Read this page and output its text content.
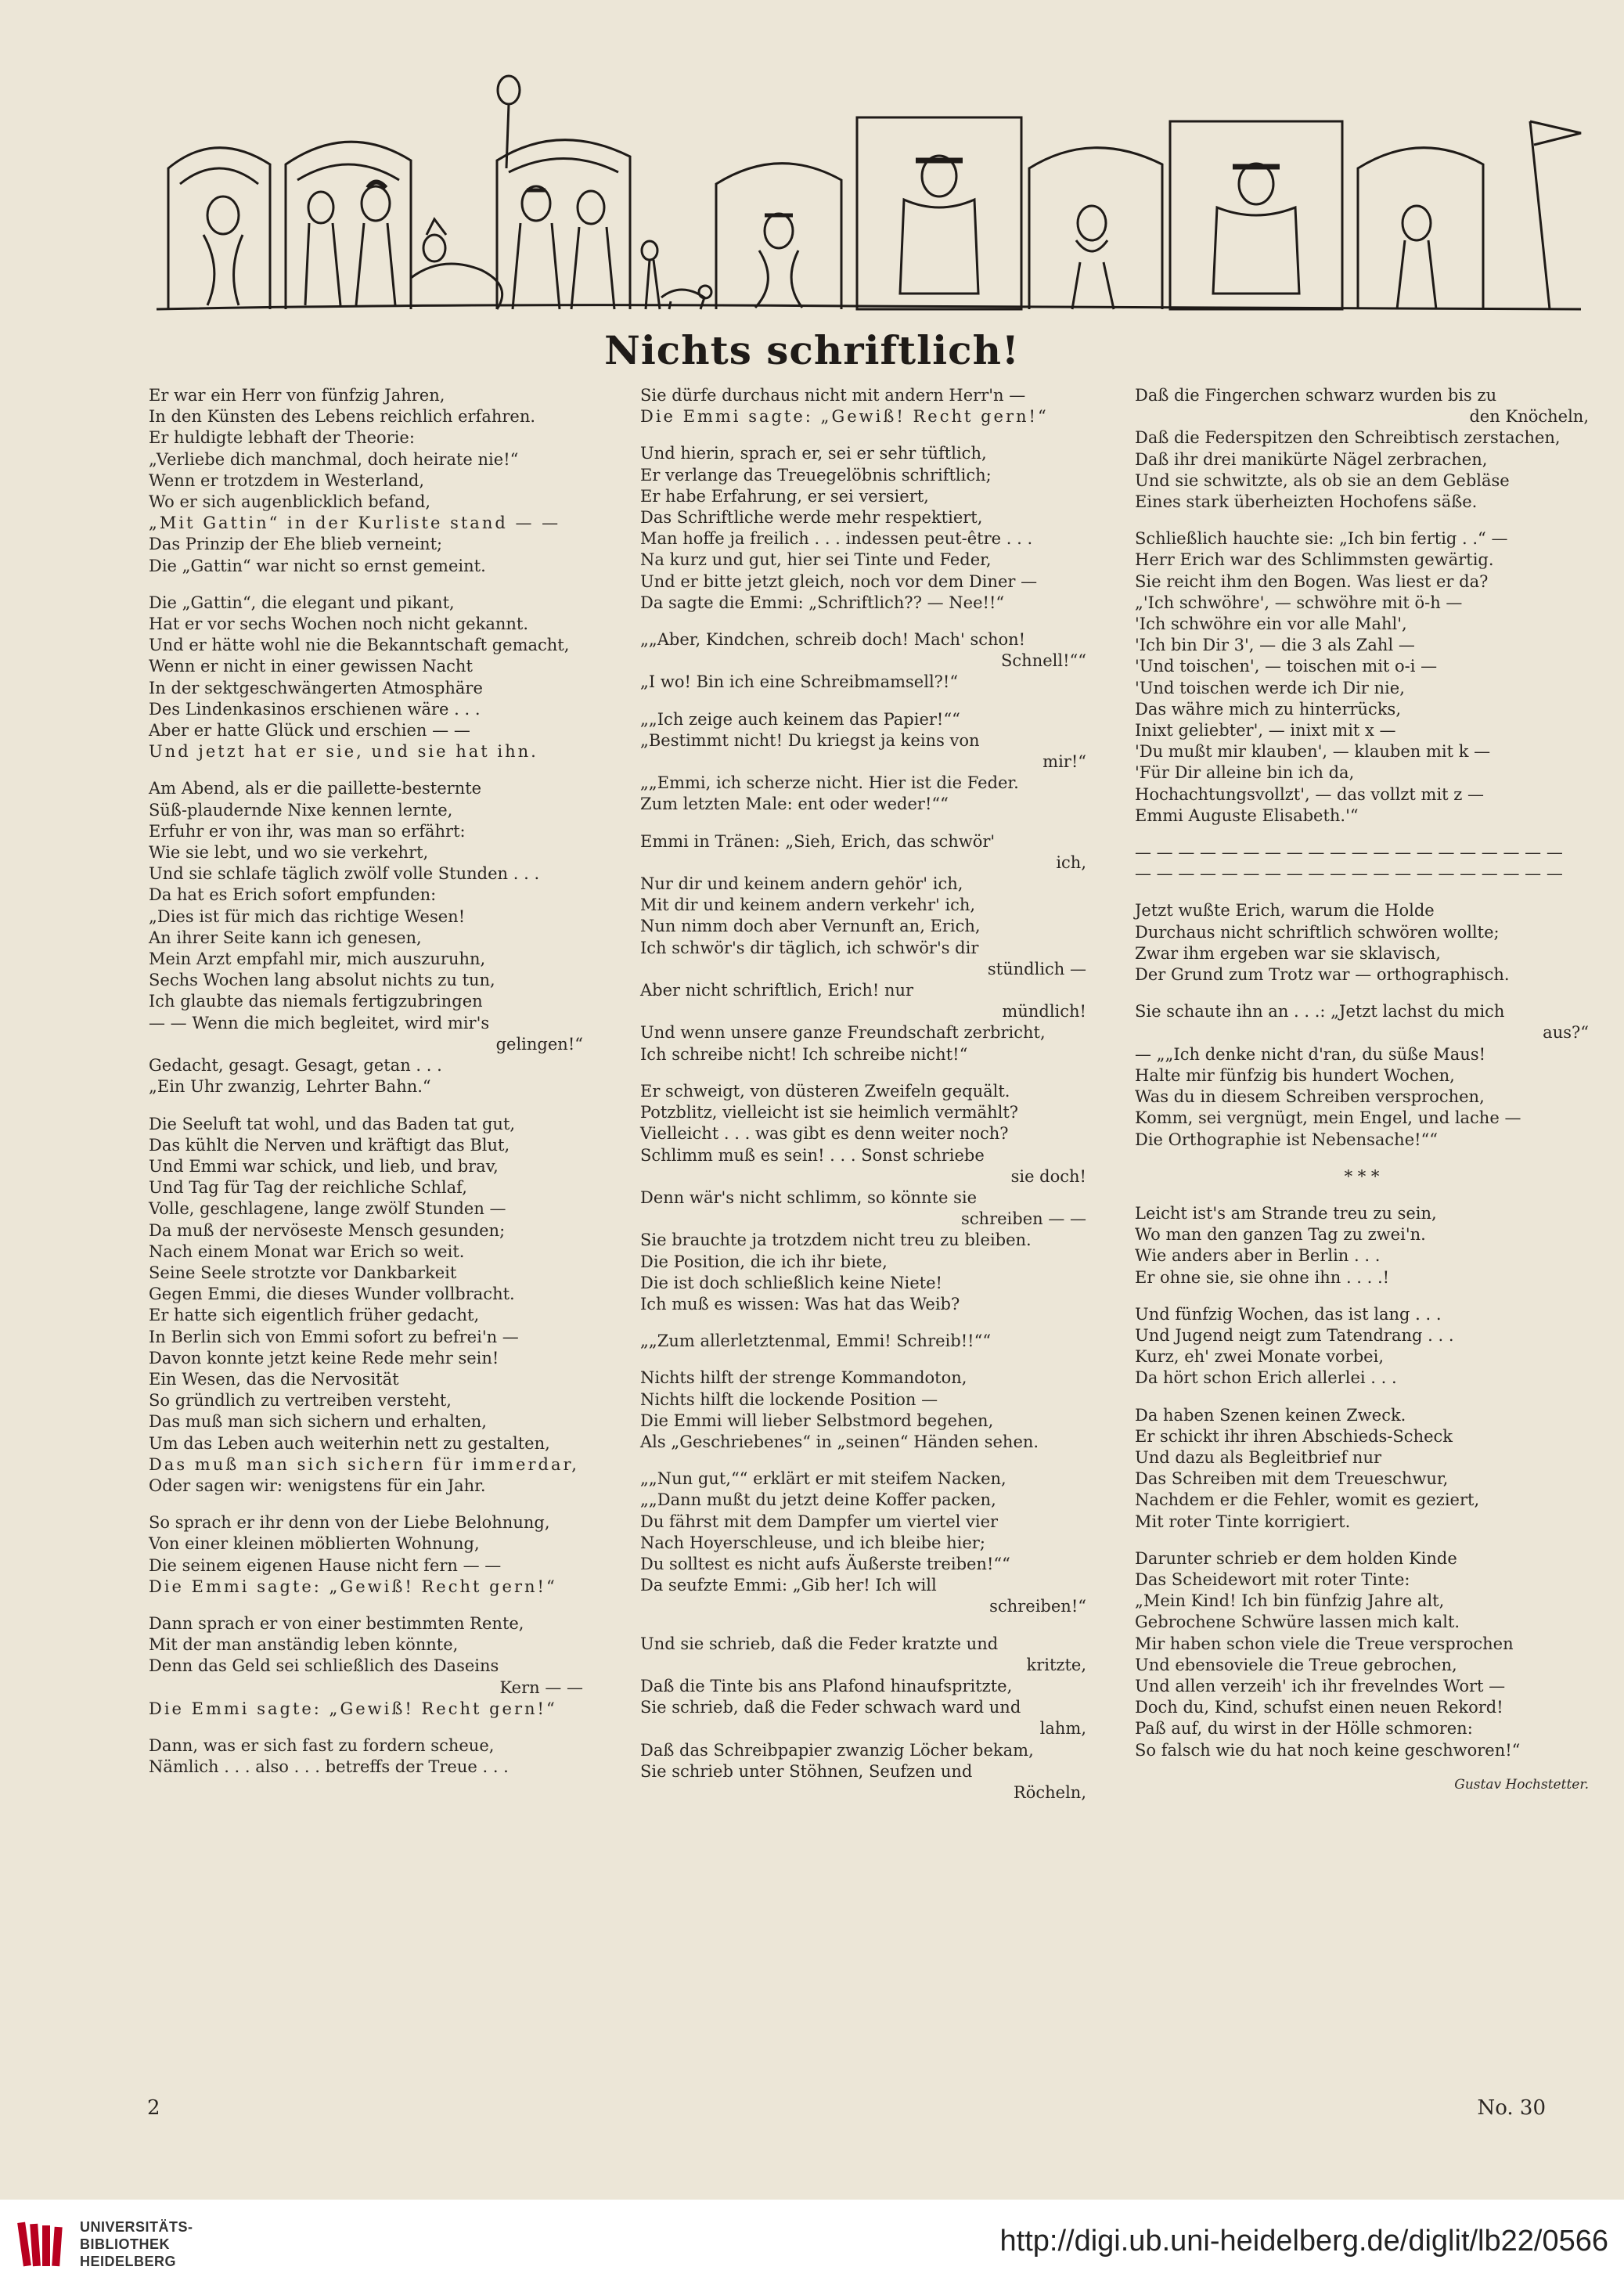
Nichts schriftlich!
Er war ein Herr von fünfzig Jahren,
In den Künsten des Lebens reichlich erfahren.
Er huldigte lebhaft der Theorie:
„Verliebe dich manchmal, doch heirate nie!“
Wenn er trotzdem in Westerland,
Wo er sich augenblicklich befand,
„Mit Gattin“ in der Kurliste stand — —
Das Prinzip der Ehe blieb verneint;
Die „Gattin“ war nicht so ernst gemeint.
Die „Gattin“, die elegant und pikant,
Hat er vor sechs Wochen noch nicht gekannt.
Und er hätte wohl nie die Bekanntschaft gemacht,
Wenn er nicht in einer gewissen Nacht
In der sektgeschwängerten Atmosphäre
Des Lindenkasinos erschienen wäre . . .
Aber er hatte Glück und erschien — —
Und jetzt hat er sie, und sie hat ihn.
Am Abend, als er die paillette-besternte
Süß-plaudernde Nixe kennen lernte,
Erfuhr er von ihr, was man so erfährt:
Wie sie lebt, und wo sie verkehrt,
Und sie schlafe täglich zwölf volle Stunden . . .
Da hat es Erich sofort empfunden:
„Dies ist für mich das richtige Wesen!
An ihrer Seite kann ich genesen,
Mein Arzt empfahl mir, mich auszuruhn,
Sechs Wochen lang absolut nichts zu tun,
Ich glaubte das niemals fertigzubringen
— — Wenn die mich begleitet, wird mir's
gelingen!“
Gedacht, gesagt. Gesagt, getan . . .
„Ein Uhr zwanzig, Lehrter Bahn.“
Die Seeluft tat wohl, und das Baden tat gut,
Das kühlt die Nerven und kräftigt das Blut,
Und Emmi war schick, und lieb, und brav,
Und Tag für Tag der reichliche Schlaf,
Volle, geschlagene, lange zwölf Stunden —
Da muß der nervöseste Mensch gesunden;
Nach einem Monat war Erich so weit.
Seine Seele strotzte vor Dankbarkeit
Gegen Emmi, die dieses Wunder vollbracht.
Er hatte sich eigentlich früher gedacht,
In Berlin sich von Emmi sofort zu befrei'n —
Davon konnte jetzt keine Rede mehr sein!
Ein Wesen, das die Nervosität
So gründlich zu vertreiben versteht,
Das muß man sich sichern und erhalten,
Um das Leben auch weiterhin nett zu gestalten,
Das muß man sich sichern für immerdar,
Oder sagen wir: wenigstens für ein Jahr.
So sprach er ihr denn von der Liebe Belohnung,
Von einer kleinen möblierten Wohnung,
Die seinem eigenen Hause nicht fern — —
Die Emmi sagte: „Gewiß! Recht gern!“
Dann sprach er von einer bestimmten Rente,
Mit der man anständig leben könnte,
Denn das Geld sei schließlich des Daseins
Kern — —
Die Emmi sagte: „Gewiß! Recht gern!“
Dann, was er sich fast zu fordern scheue,
Nämlich . . . also . . . betreffs der Treue . . .
Sie dürfe durchaus nicht mit andern Herr'n —
Die Emmi sagte: „Gewiß! Recht gern!“
Und hierin, sprach er, sei er sehr tüftlich,
Er verlange das Treuegelöbnis schriftlich;
Er habe Erfahrung, er sei versiert,
Das Schriftliche werde mehr respektiert,
Man hoffe ja freilich . . . indessen peut-être . . .
Na kurz und gut, hier sei Tinte und Feder,
Und er bitte jetzt gleich, noch vor dem Diner —
Da sagte die Emmi: „Schriftlich?? — Nee!!“
„„Aber, Kindchen, schreib doch! Mach' schon!
Schnell!““
„I wo! Bin ich eine Schreibmamsell?!“
„„Ich zeige auch keinem das Papier!““
„Bestimmt nicht! Du kriegst ja keins von
mir!“
„„Emmi, ich scherze nicht. Hier ist die Feder.
Zum letzten Male: ent oder weder!““
Emmi in Tränen: „Sieh, Erich, das schwör'
ich,
Nur dir und keinem andern gehör' ich,
Mit dir und keinem andern verkehr' ich,
Nun nimm doch aber Vernunft an, Erich,
Ich schwör's dir täglich, ich schwör's dir
stündlich —
Aber nicht schriftlich, Erich! nur
mündlich!
Und wenn unsere ganze Freundschaft zerbricht,
Ich schreibe nicht! Ich schreibe nicht!“
Er schweigt, von düsteren Zweifeln gequält.
Potzblitz, vielleicht ist sie heimlich vermählt?
Vielleicht . . . was gibt es denn weiter noch?
Schlimm muß es sein! . . . Sonst schriebe
sie doch!
Denn wär's nicht schlimm, so könnte sie
schreiben — —
Sie brauchte ja trotzdem nicht treu zu bleiben.
Die Position, die ich ihr biete,
Die ist doch schließlich keine Niete!
Ich muß es wissen: Was hat das Weib?
„„Zum allerletztenmal, Emmi! Schreib!!““
Nichts hilft der strenge Kommandoton,
Nichts hilft die lockende Position —
Die Emmi will lieber Selbstmord begehen,
Als „Geschriebenes“ in „seinen“ Händen sehen.
„„Nun gut,““ erklärt er mit steifem Nacken,
„„Dann mußt du jetzt deine Koffer packen,
Du fährst mit dem Dampfer um viertel vier
Nach Hoyerschleuse, und ich bleibe hier;
Du solltest es nicht aufs Äußerste treiben!““
Da seufzte Emmi: „Gib her! Ich will
schreiben!“
Und sie schrieb, daß die Feder kratzte und
kritzte,
Daß die Tinte bis ans Plafond hinaufspritzte,
Sie schrieb, daß die Feder schwach ward und
lahm,
Daß das Schreibpapier zwanzig Löcher bekam,
Sie schrieb unter Stöhnen, Seufzen und
Röcheln,
Daß die Fingerchen schwarz wurden bis zu
den Knöcheln,
Daß die Federspitzen den Schreibtisch zerstachen,
Daß ihr drei manikürte Nägel zerbrachen,
Und sie schwitzte, als ob sie an dem Gebläse
Eines stark überheizten Hochofens säße.
Schließlich hauchte sie: „Ich bin fertig . .“ —
Herr Erich war des Schlimmsten gewärtig.
Sie reicht ihm den Bogen. Was liest er da?
„'Ich schwöhre', — schwöhre mit ö-h —
'Ich schwöhre ein vor alle Mahl',
'Ich bin Dir 3', — die 3 als Zahl —
'Und toischen', — toischen mit o-i —
'Und toischen werde ich Dir nie,
Das währe mich zu hinterrücks,
Inixt geliebter', — inixt mit x —
'Du mußt mir klauben', — klauben mit k —
'Für Dir alleine bin ich da,
Hochachtungsvollzt', — das vollzt mit z —
Emmi Auguste Elisabeth.'“
— — — — — — — — — — — — — — — — — — — —
— — — — — — — — — — — — — — — — — — — —
Jetzt wußte Erich, warum die Holde
Durchaus nicht schriftlich schwören wollte;
Zwar ihm ergeben war sie sklavisch,
Der Grund zum Trotz war — orthographisch.
Sie schaute ihn an . . .: „Jetzt lachst du mich
aus?“
— „„Ich denke nicht d'ran, du süße Maus!
Halte mir fünfzig bis hundert Wochen,
Was du in diesem Schreiben versprochen,
Komm, sei vergnügt, mein Engel, und lache —
Die Orthographie ist Nebensache!““
* * *
Leicht ist's am Strande treu zu sein,
Wo man den ganzen Tag zu zwei'n.
Wie anders aber in Berlin . . .
Er ohne sie, sie ohne ihn . . . .!
Und fünfzig Wochen, das ist lang . . .
Und Jugend neigt zum Tatendrang . . .
Kurz, eh' zwei Monate vorbei,
Da hört schon Erich allerlei . . .
Da haben Szenen keinen Zweck.
Er schickt ihr ihren Abschieds-Scheck
Und dazu als Begleitbrief nur
Das Schreiben mit dem Treueschwur,
Nachdem er die Fehler, womit es geziert,
Mit roter Tinte korrigiert.
Darunter schrieb er dem holden Kinde
Das Scheidewort mit roter Tinte:
„Mein Kind! Ich bin fünfzig Jahre alt,
Gebrochene Schwüre lassen mich kalt.
Mir haben schon viele die Treue versprochen
Und ebensoviele die Treue gebrochen,
Und allen verzeih' ich ihr frevelndes Wort —
Doch du, Kind, schufst einen neuen Rekord!
Paß auf, du wirst in der Hölle schmoren:
So falsch wie du hat noch keine geschworen!“
Gustav Hochstetter.
2	No. 30
UNIVERSITÄTS-
BIBLIOTHEK
HEIDELBERG
http://digi.ub.uni-heidelberg.de/diglit/lb22/0566
